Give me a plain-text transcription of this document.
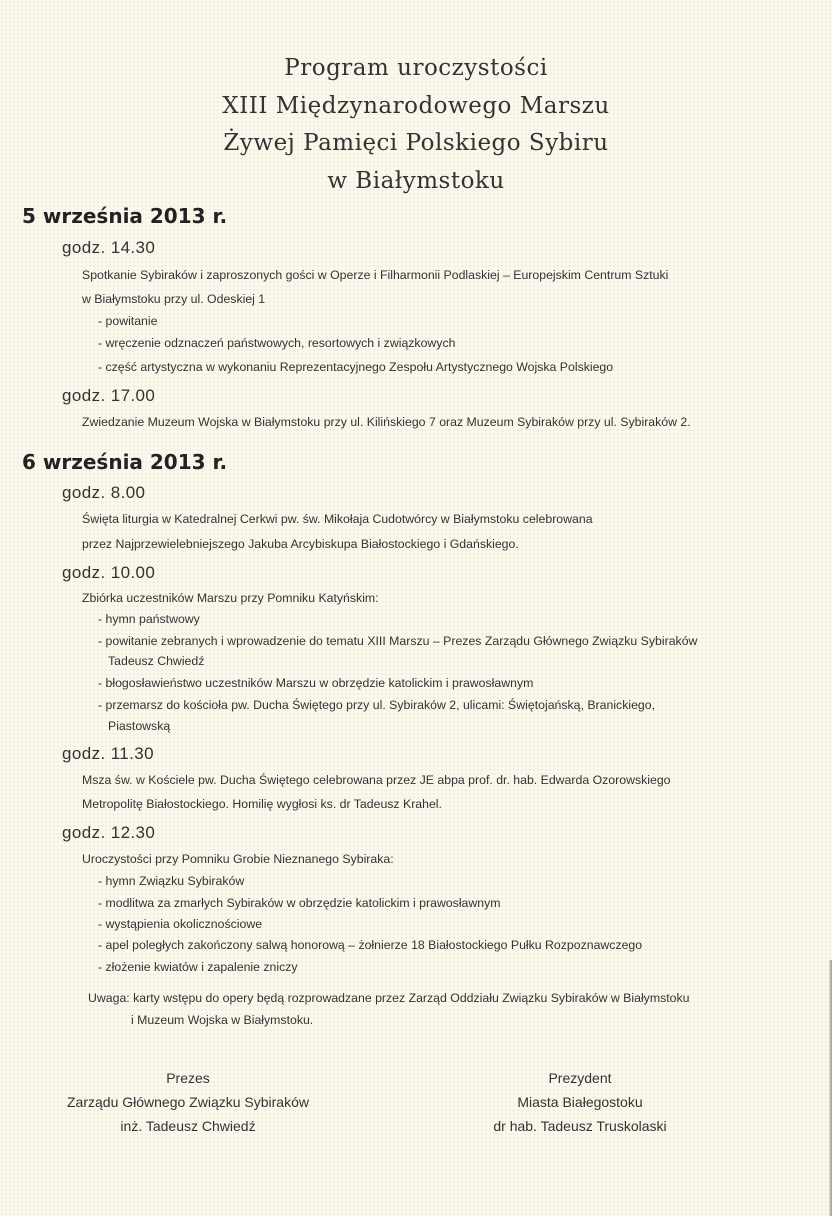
Program uroczystości
XIII Międzynarodowego Marszu
Żywej Pamięci Polskiego Sybiru
w Białymstoku
5 września 2013 r.
godz. 14.30
Spotkanie Sybiraków i zaproszonych gości w Operze i Filharmonii Podlaskiej – Europejskim Centrum Sztuki
w Białymstoku przy ul. Odeskiej 1
- powitanie
- wręczenie odznaczeń państwowych, resortowych i związkowych
- część artystyczna w wykonaniu Reprezentacyjnego Zespołu Artystycznego Wojska Polskiego
godz. 17.00
Zwiedzanie Muzeum Wojska w Białymstoku przy ul. Kilińskiego 7 oraz Muzeum Sybiraków przy ul. Sybiraków 2.
6 września 2013 r.
godz. 8.00
Święta liturgia w Katedralnej Cerkwi pw. św. Mikołaja Cudotwórcy w Białymstoku celebrowana
przez Najprzewielebniejszego Jakuba Arcybiskupa Białostockiego i Gdańskiego.
godz. 10.00
Zbiórka uczestników Marszu przy Pomniku Katyńskim:
- hymn państwowy
- powitanie zebranych i wprowadzenie do tematu XIII Marszu – Prezes Zarządu Głównego Związku Sybiraków
Tadeusz Chwiedź
- błogosławieństwo uczestników Marszu w obrzędzie katolickim i prawosławnym
- przemarsz do kościoła pw. Ducha Świętego przy ul. Sybiraków 2, ulicami: Świętojańską, Branickiego,
Piastowską
godz. 11.30
Msza św. w Kościele pw. Ducha Świętego celebrowana przez JE abpa prof. dr. hab. Edwarda Ozorowskiego
Metropolitę Białostockiego. Homilię wygłosi ks. dr Tadeusz Krahel.
godz. 12.30
Uroczystości przy Pomniku Grobie Nieznanego Sybiraka:
- hymn Związku Sybiraków
- modlitwa za zmarłych Sybiraków w obrzędzie katolickim i prawosławnym
- wystąpienia okolicznościowe
- apel poległych zakończony salwą honorową – żołnierze 18 Białostockiego Pułku Rozpoznawczego
- złożenie kwiatów i zapalenie zniczy
Uwaga: karty wstępu do opery będą rozprowadzane przez Zarząd Oddziału Związku Sybiraków w Białymstoku
i Muzeum Wojska w Białymstoku.
Prezes
Zarządu Głównego Związku Sybiraków
inż. Tadeusz Chwiedź
Prezydent
Miasta Białegostoku
dr hab. Tadeusz Truskolaski
